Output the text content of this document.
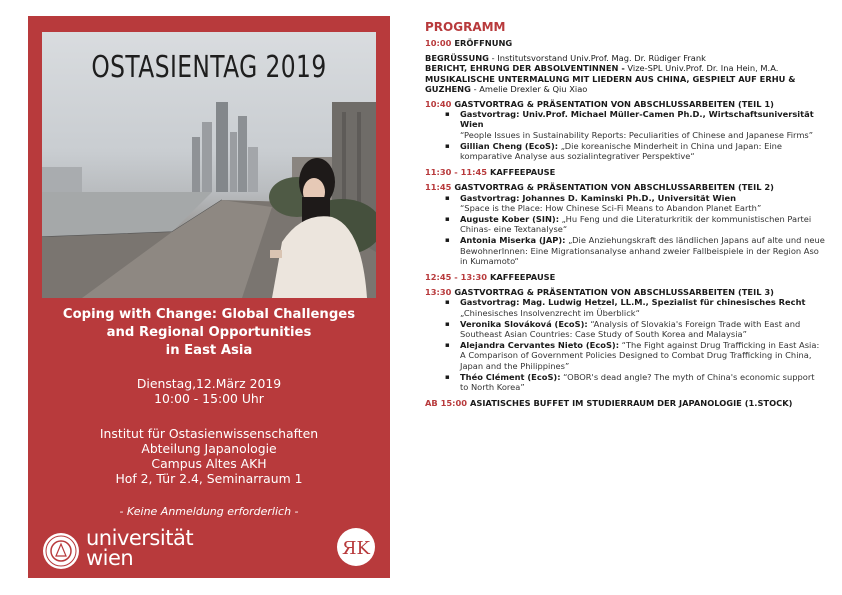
OSTASIENTAG 2019
Coping with Change: Global Challenges
and Regional Opportunities
in East Asia
Dienstag,12.März 2019
10:00 - 15:00 Uhr
Institut für Ostasienwissenschaften
Abteilung Japanologie
Campus Altes AKH
Hof 2, Tür 2.4, Seminarraum 1
- Keine Anmeldung erforderlich -
universität
wien	ЯK
PROGRAMM
10:00 ERÖFFNUNG
BEGRÜSSUNG - Institutsvorstand Univ.Prof. Mag. Dr. Rüdiger Frank
BERICHT, EHRUNG DER ABSOLVENTINNEN - Vize-SPL Univ.Prof. Dr. Ina Hein, M.A.
MUSIKALISCHE UNTERMALUNG MIT LIEDERN AUS CHINA, GESPIELT AUF ERHU & GUZHENG - Amelie Drexler & Qiu Xiao
10:40 GASTVORTRAG & PRÄSENTATION VON ABSCHLUSSARBEITEN (TEIL 1)
▪ Gastvortrag: Univ.Prof. Michael Müller-Camen Ph.D., Wirtschaftsuniversität Wien
“People Issues in Sustainability Reports: Peculiarities of Chinese and Japanese Firms”
▪ Gillian Cheng (EcoS): „Die koreanische Minderheit in China und Japan: Eine komparative Analyse aus sozialintegrativer Perspektive“
11:30 - 11:45 KAFFEEPAUSE
11:45 GASTVORTRAG & PRÄSENTATION VON ABSCHLUSSARBEITEN (TEIL 2)
▪ Gastvortrag: Johannes D. Kaminski Ph.D., Universität Wien
“Space is the Place: How Chinese Sci-Fi Means to Abandon Planet Earth”
▪ Auguste Kober (SIN): „Hu Feng und die Literaturkritik der kommunistischen Partei Chinas- eine Textanalyse“
▪ Antonia Miserka (JAP): „Die Anziehungskraft des ländlichen Japans auf alte und neue BewohnerInnen: Eine Migrationsanalyse anhand zweier Fallbeispiele in der Region Aso in Kumamoto“
12:45 - 13:30 KAFFEEPAUSE
13:30 GASTVORTRAG & PRÄSENTATION VON ABSCHLUSSARBEITEN (TEIL 3)
▪ Gastvortrag: Mag. Ludwig Hetzel, LL.M., Spezialist für chinesisches Recht
„Chinesisches Insolvenzrecht im Überblick“
▪ Veronika Slováková (EcoS): “Analysis of Slovakia's Foreign Trade with East and Southeast Asian Countries: Case Study of South Korea and Malaysia”
▪ Alejandra Cervantes Nieto (EcoS): “The Fight against Drug Trafficking in East Asia: A Comparison of Government Policies Designed to Combat Drug Trafficking in China, Japan and the Philippines”
▪ Théo Clément (EcoS): “OBOR's dead angle? The myth of China's economic support to North Korea”
AB 15:00 ASIATISCHES BUFFET IM STUDIERRAUM DER JAPANOLOGIE (1.STOCK)
